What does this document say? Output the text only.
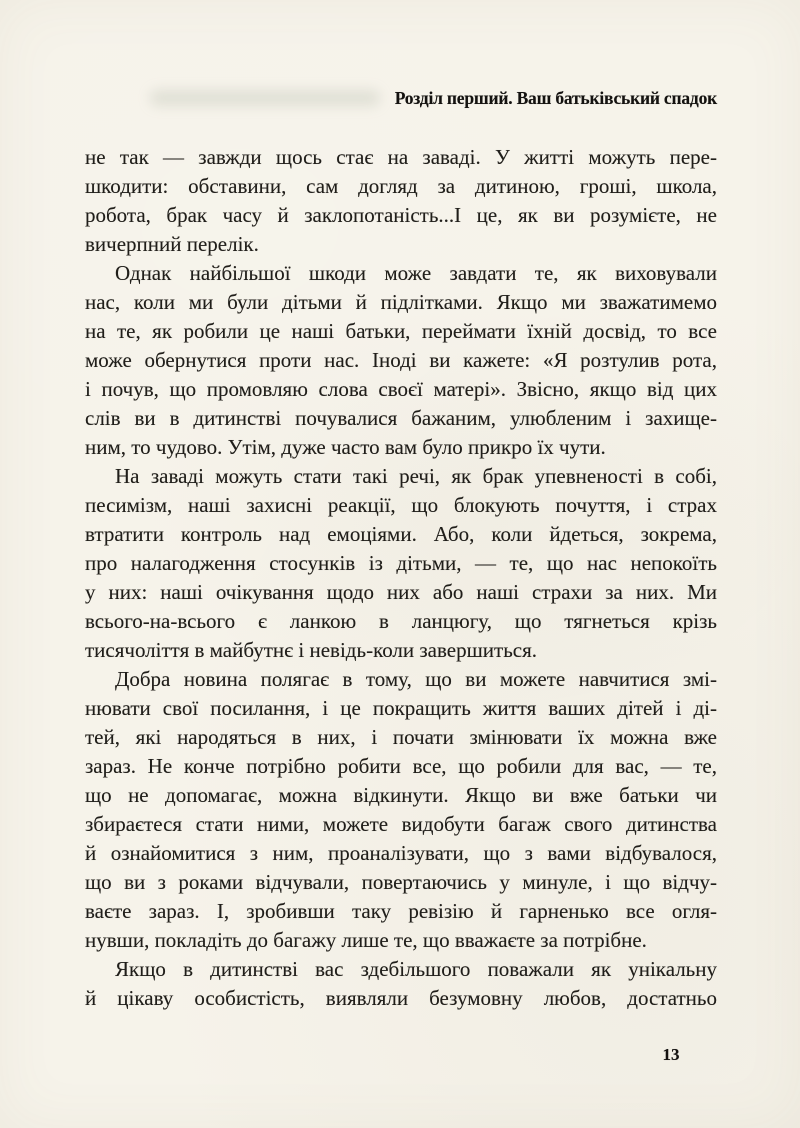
Розділ перший. Ваш батьківський спадок
не так — завжди щось стає на заваді. У житті можуть пере-
шкодити: обставини, сам догляд за дитиною, гроші, школа,
робота, брак часу й заклопотаність...І це, як ви розумієте, не
вичерпний перелік.
Однак найбільшої шкоди може завдати те, як виховували
нас, коли ми були дітьми й підлітками. Якщо ми зважатимемо
на те, як робили це наші батьки, переймати їхній досвід, то все
може обернутися проти нас. Іноді ви кажете: «Я розтулив рота,
і почув, що промовляю слова своєї матері». Звісно, якщо від цих
слів ви в дитинстві почувалися бажаним, улюбленим і захище-
ним, то чудово. Утім, дуже часто вам було прикро їх чути.
На заваді можуть стати такі речі, як брак упевненості в собі,
песимізм, наші захисні реакції, що блокують почуття, і страх
втратити контроль над емоціями. Або, коли йдеться, зокрема,
про налагодження стосунків із дітьми, — те, що нас непокоїть
у них: наші очікування щодо них або наші страхи за них. Ми
всього-на-всього є ланкою в ланцюгу, що тягнеться крізь
тисячоліття в майбутнє і невідь-коли завершиться.
Добра новина полягає в тому, що ви можете навчитися змі-
нювати свої посилання, і це покращить життя ваших дітей і ді-
тей, які народяться в них, і почати змінювати їх можна вже
зараз. Не конче потрібно робити все, що робили для вас, — те,
що не допомагає, можна відкинути. Якщо ви вже батьки чи
збираєтеся стати ними, можете видобути багаж свого дитинства
й ознайомитися з ним, проаналізувати, що з вами відбувалося,
що ви з роками відчували, повертаючись у минуле, і що відчу-
ваєте зараз. І, зробивши таку ревізію й гарненько все огля-
нувши, покладіть до багажу лише те, що вважаєте за потрібне.
Якщо в дитинстві вас здебільшого поважали як унікальну
й цікаву особистість, виявляли безумовну любов, достатньо
13
